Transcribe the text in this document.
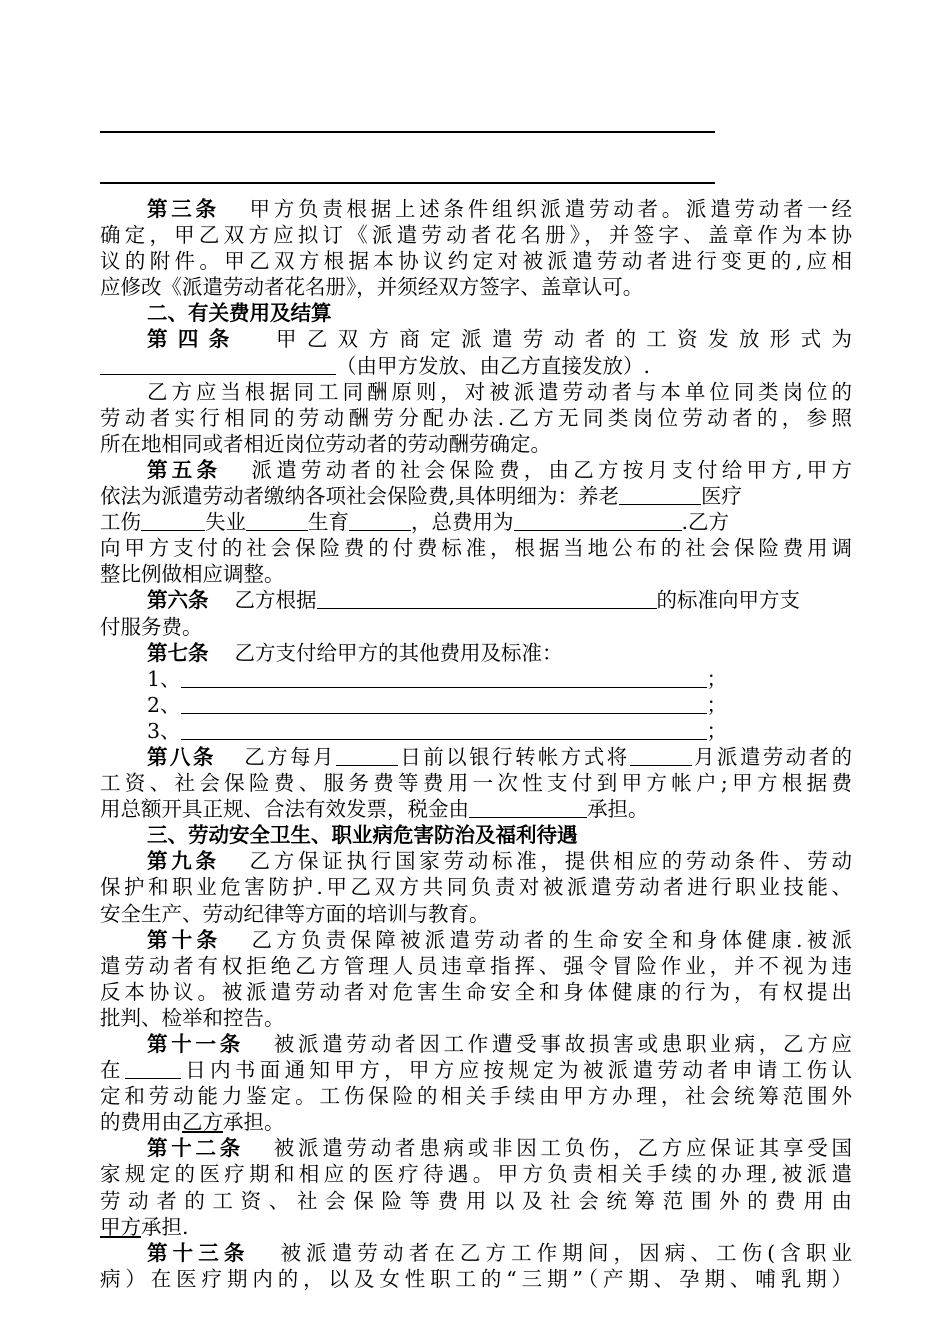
第三条 甲方负责根据上述条件组织派遣劳动者。派遣劳动者一经
确定，甲乙双方应拟订《派遣劳动者花名册》，并签字、盖章作为本协
议的附件。甲乙双方根据本协议约定对被派遣劳动者进行变更的,应相
应修改《派遣劳动者花名册》，并须经双方签字、盖章认可。
二、有关费用及结算
第四条 甲乙双方商定派遣劳动者的工资发放形式为
（由甲方发放、由乙方直接发放）.
乙方应当根据同工同酬原则，对被派遣劳动者与本单位同类岗位的
劳动者实行相同的劳动酬劳分配办法.乙方无同类岗位劳动者的，参照
所在地相同或者相近岗位劳动者的劳动酬劳确定。
第五条 派遣劳动者的社会保险费，由乙方按月支付给甲方,甲方
依法为派遣劳动者缴纳各项社会保险费,具体明细为：养老	医疗
工伤	失业	生育	，总费用为	.乙方
向甲方支付的社会保险费的付费标准，根据当地公布的社会保险费用调
整比例做相应调整。
第六条 乙方根据	的标准向甲方支
付服务费。
第七条 乙方支付给甲方的其他费用及标准：
1、	；
2、	；
3、	；
第八条 乙方每月	日前以银行转帐方式将	月派遣劳动者的
工资、社会保险费、服务费等费用一次性支付到甲方帐户;甲方根据费
用总额开具正规、合法有效发票，税金由	承担。
三、劳动安全卫生、职业病危害防治及福利待遇
第九条 乙方保证执行国家劳动标准，提供相应的劳动条件、劳动
保护和职业危害防护.甲乙双方共同负责对被派遣劳动者进行职业技能、
安全生产、劳动纪律等方面的培训与教育。
第十条 乙方负责保障被派遣劳动者的生命安全和身体健康.被派
遣劳动者有权拒绝乙方管理人员违章指挥、强令冒险作业，并不视为违
反本协议。被派遣劳动者对危害生命安全和身体健康的行为，有权提出
批判、检举和控告。
第十一条 被派遣劳动者因工作遭受事故损害或患职业病，乙方应
在	日内书面通知甲方，甲方应按规定为被派遣劳动者申请工伤认
定和劳动能力鉴定。工伤保险的相关手续由甲方办理，社会统筹范围外
的费用由乙方承担。
第十二条 被派遣劳动者患病或非因工负伤，乙方应保证其享受国
家规定的医疗期和相应的医疗待遇。甲方负责相关手续的办理,被派遣
劳动者的工资、社会保险等费用以及社会统筹范围外的费用由
甲方承担.
第十三条 被派遣劳动者在乙方工作期间，因病、工伤(含职业
病）在医疗期内的，以及女性职工的“三期”（产期、孕期、哺乳期）
